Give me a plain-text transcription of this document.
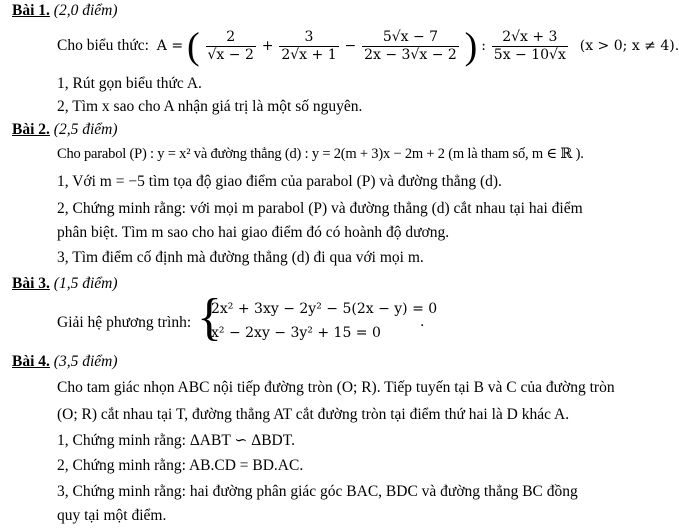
Bài 1. (2,0 điểm)
Cho biểu thức: A = ( $\frac{2}{√x - 2} + \frac{3}{2√x + 1} - \frac{5√x - 7}{2x - 3√x - 2}$ ) : $\frac{2√x + 3}{5x - 10√x} (x > 0$; x ≠ 4).
1, Rút gọn biểu thức A.
2, Tìm x sao cho A nhận giá trị là một số nguyên.
Bài 2. (2,5 điểm)
Cho parabol (P) : y = x² và đường thẳng (d) : y = 2(m + 3)x − 2m + 2 (m là tham số, m ∈ ℝ ).
1, Với m = −5 tìm tọa độ giao điểm của parabol (P) và đường thẳng (d).
2, Chứng minh rằng: với mọi m parabol (P) và đường thẳng (d) cắt nhau tại hai điểm
phân biệt. Tìm m sao cho hai giao điểm đó có hoành độ dương.
3, Tìm điểm cố định mà đường thẳng (d) đi qua với mọi m.
Bài 3. (1,5 điểm)
Giải hệ phương trình: {
2x² + 3xy − 2y² − 5(2x − y) = 0
x² − 2xy − 3y² + 15 = 0
.
Bài 4. (3,5 điểm)
Cho tam giác nhọn ABC nội tiếp đường tròn (O; R). Tiếp tuyến tại B và C của đường tròn
(O; R) cắt nhau tại T, đường thẳng AT cắt đường tròn tại điểm thứ hai là D khác A.
1, Chứng minh rằng: ΔABT ∽ ΔBDT.
2, Chứng minh rằng: AB.CD = BD.AC.
3, Chứng minh rằng: hai đường phân giác góc BAC, BDC và đường thẳng BC đồng
quy tại một điểm.
